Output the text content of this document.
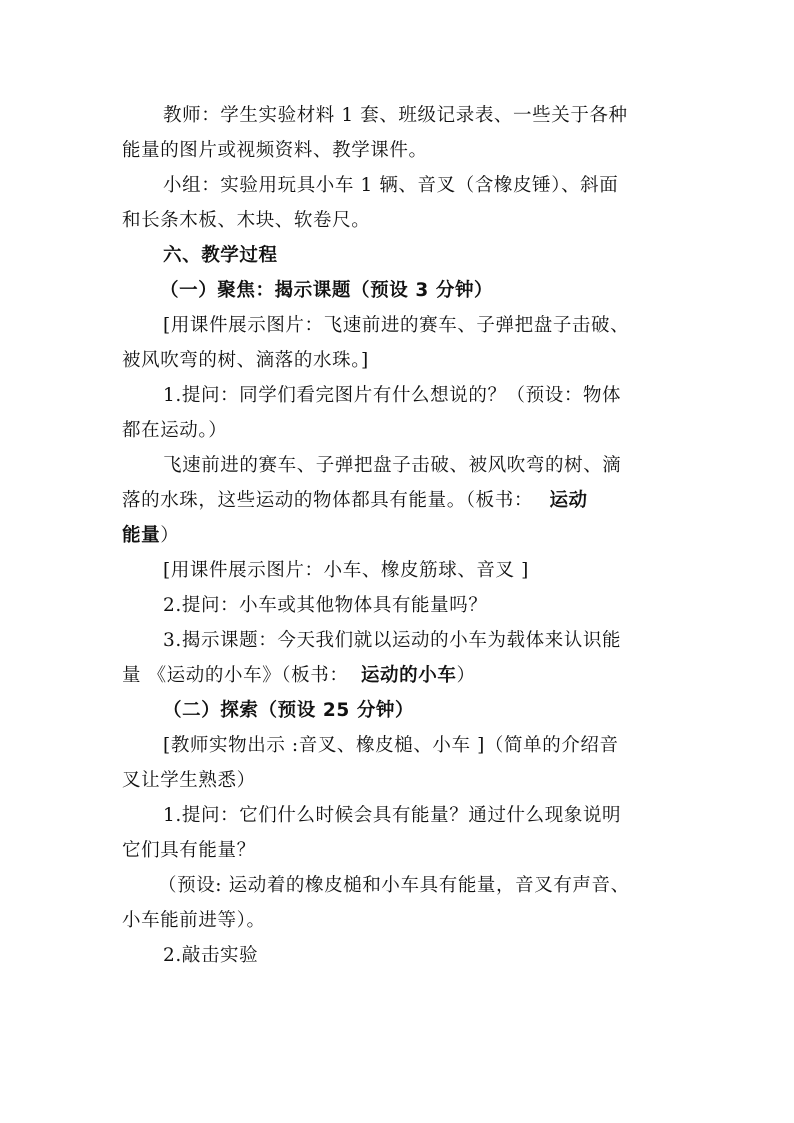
教师：学生实验材料 1 套、班级记录表、一些关于各种
能量的图片或视频资料、教学课件。
小组：实验用玩具小车 1 辆、音叉（含橡皮锤）、斜面
和长条木板、木块、软卷尺。
六、教学过程
（一）聚焦：揭示课题（预设 3 分钟）
[用课件展示图片：飞速前进的赛车、子弹把盘子击破、
被风吹弯的树、滴落的水珠。]
1.提问：同学们看完图片有什么想说的？（预设：物体
都在运动。）
飞速前进的赛车、子弹把盘子击破、被风吹弯的树、滴
落的水珠，这些运动的物体都具有能量。（板书： 运动
能量）
[用课件展示图片：小车、橡皮筋球、音叉 ]
2.提问：小车或其他物体具有能量吗？
3.揭示课题：今天我们就以运动的小车为载体来认识能
量 《运动的小车》（板书： 运动的小车）
（二）探索（预设 25 分钟）
[教师实物出示 :音叉、橡皮槌、小车 ]（简单的介绍音
叉让学生熟悉）
1.提问：它们什么时候会具有能量？通过什么现象说明
它们具有能量？
（预设: 运动着的橡皮槌和小车具有能量，音叉有声音、
小车能前进等）。
2.敲击实验
